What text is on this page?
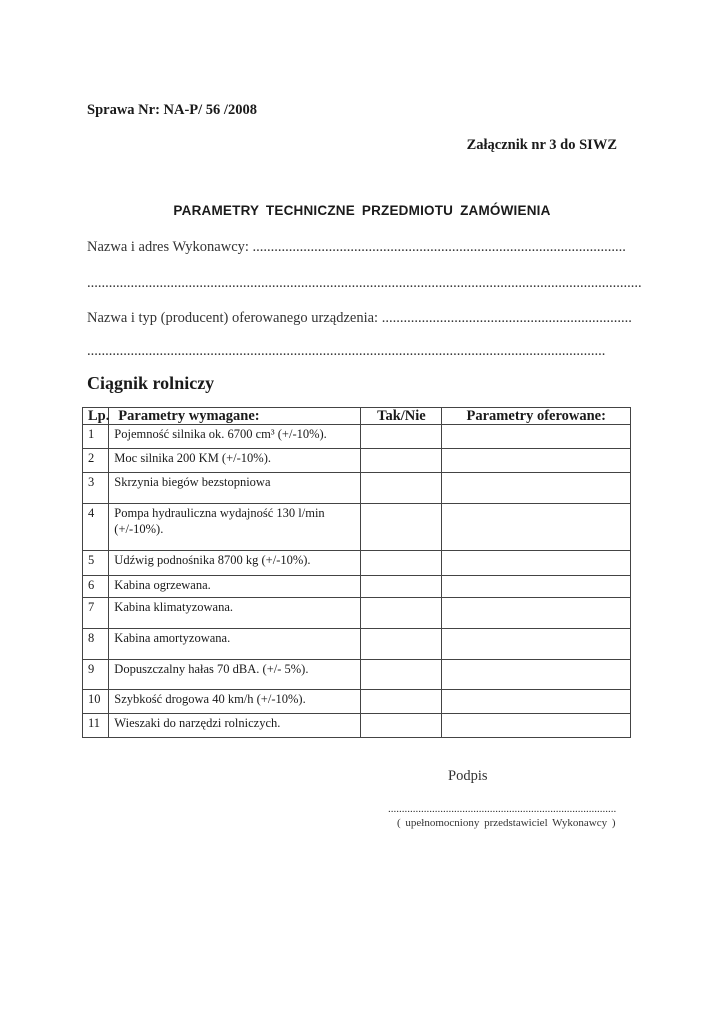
Sprawa Nr: NA-P/ 56 /2008
Załącznik nr 3 do SIWZ
PARAMETRY TECHNICZNE PRZEDMIOTU ZAMÓWIENIA
Nazwa i adres Wykonawcy: .......................................................................................................
.........................................................................................................................................................
Nazwa i typ (producent) oferowanego urządzenia: .....................................................................
...............................................................................................................................................
Ciągnik rolniczy
Lp.	Parametry wymagane:	Tak/Nie	Parametry oferowane:
1	Pojemność silnika ok. 6700 cm³ (+/-10%).		
2	Moc silnika 200 KM (+/-10%).		
3	Skrzynia biegów bezstopniowa		
4	Pompa hydrauliczna wydajność 130 l/min (+/-10%).		
5	Udźwig podnośnika 8700 kg (+/-10%).		
6	Kabina ogrzewana.		
7	Kabina klimatyzowana.		
8	Kabina amortyzowana.		
9	Dopuszczalny hałas 70 dBA. (+/- 5%).		
10	Szybkość drogowa 40 km/h (+/-10%).		
11	Wieszaki do narzędzi rolniczych.		
Podpis
...................................................................................
( upełnomocniony przedstawiciel Wykonawcy )
